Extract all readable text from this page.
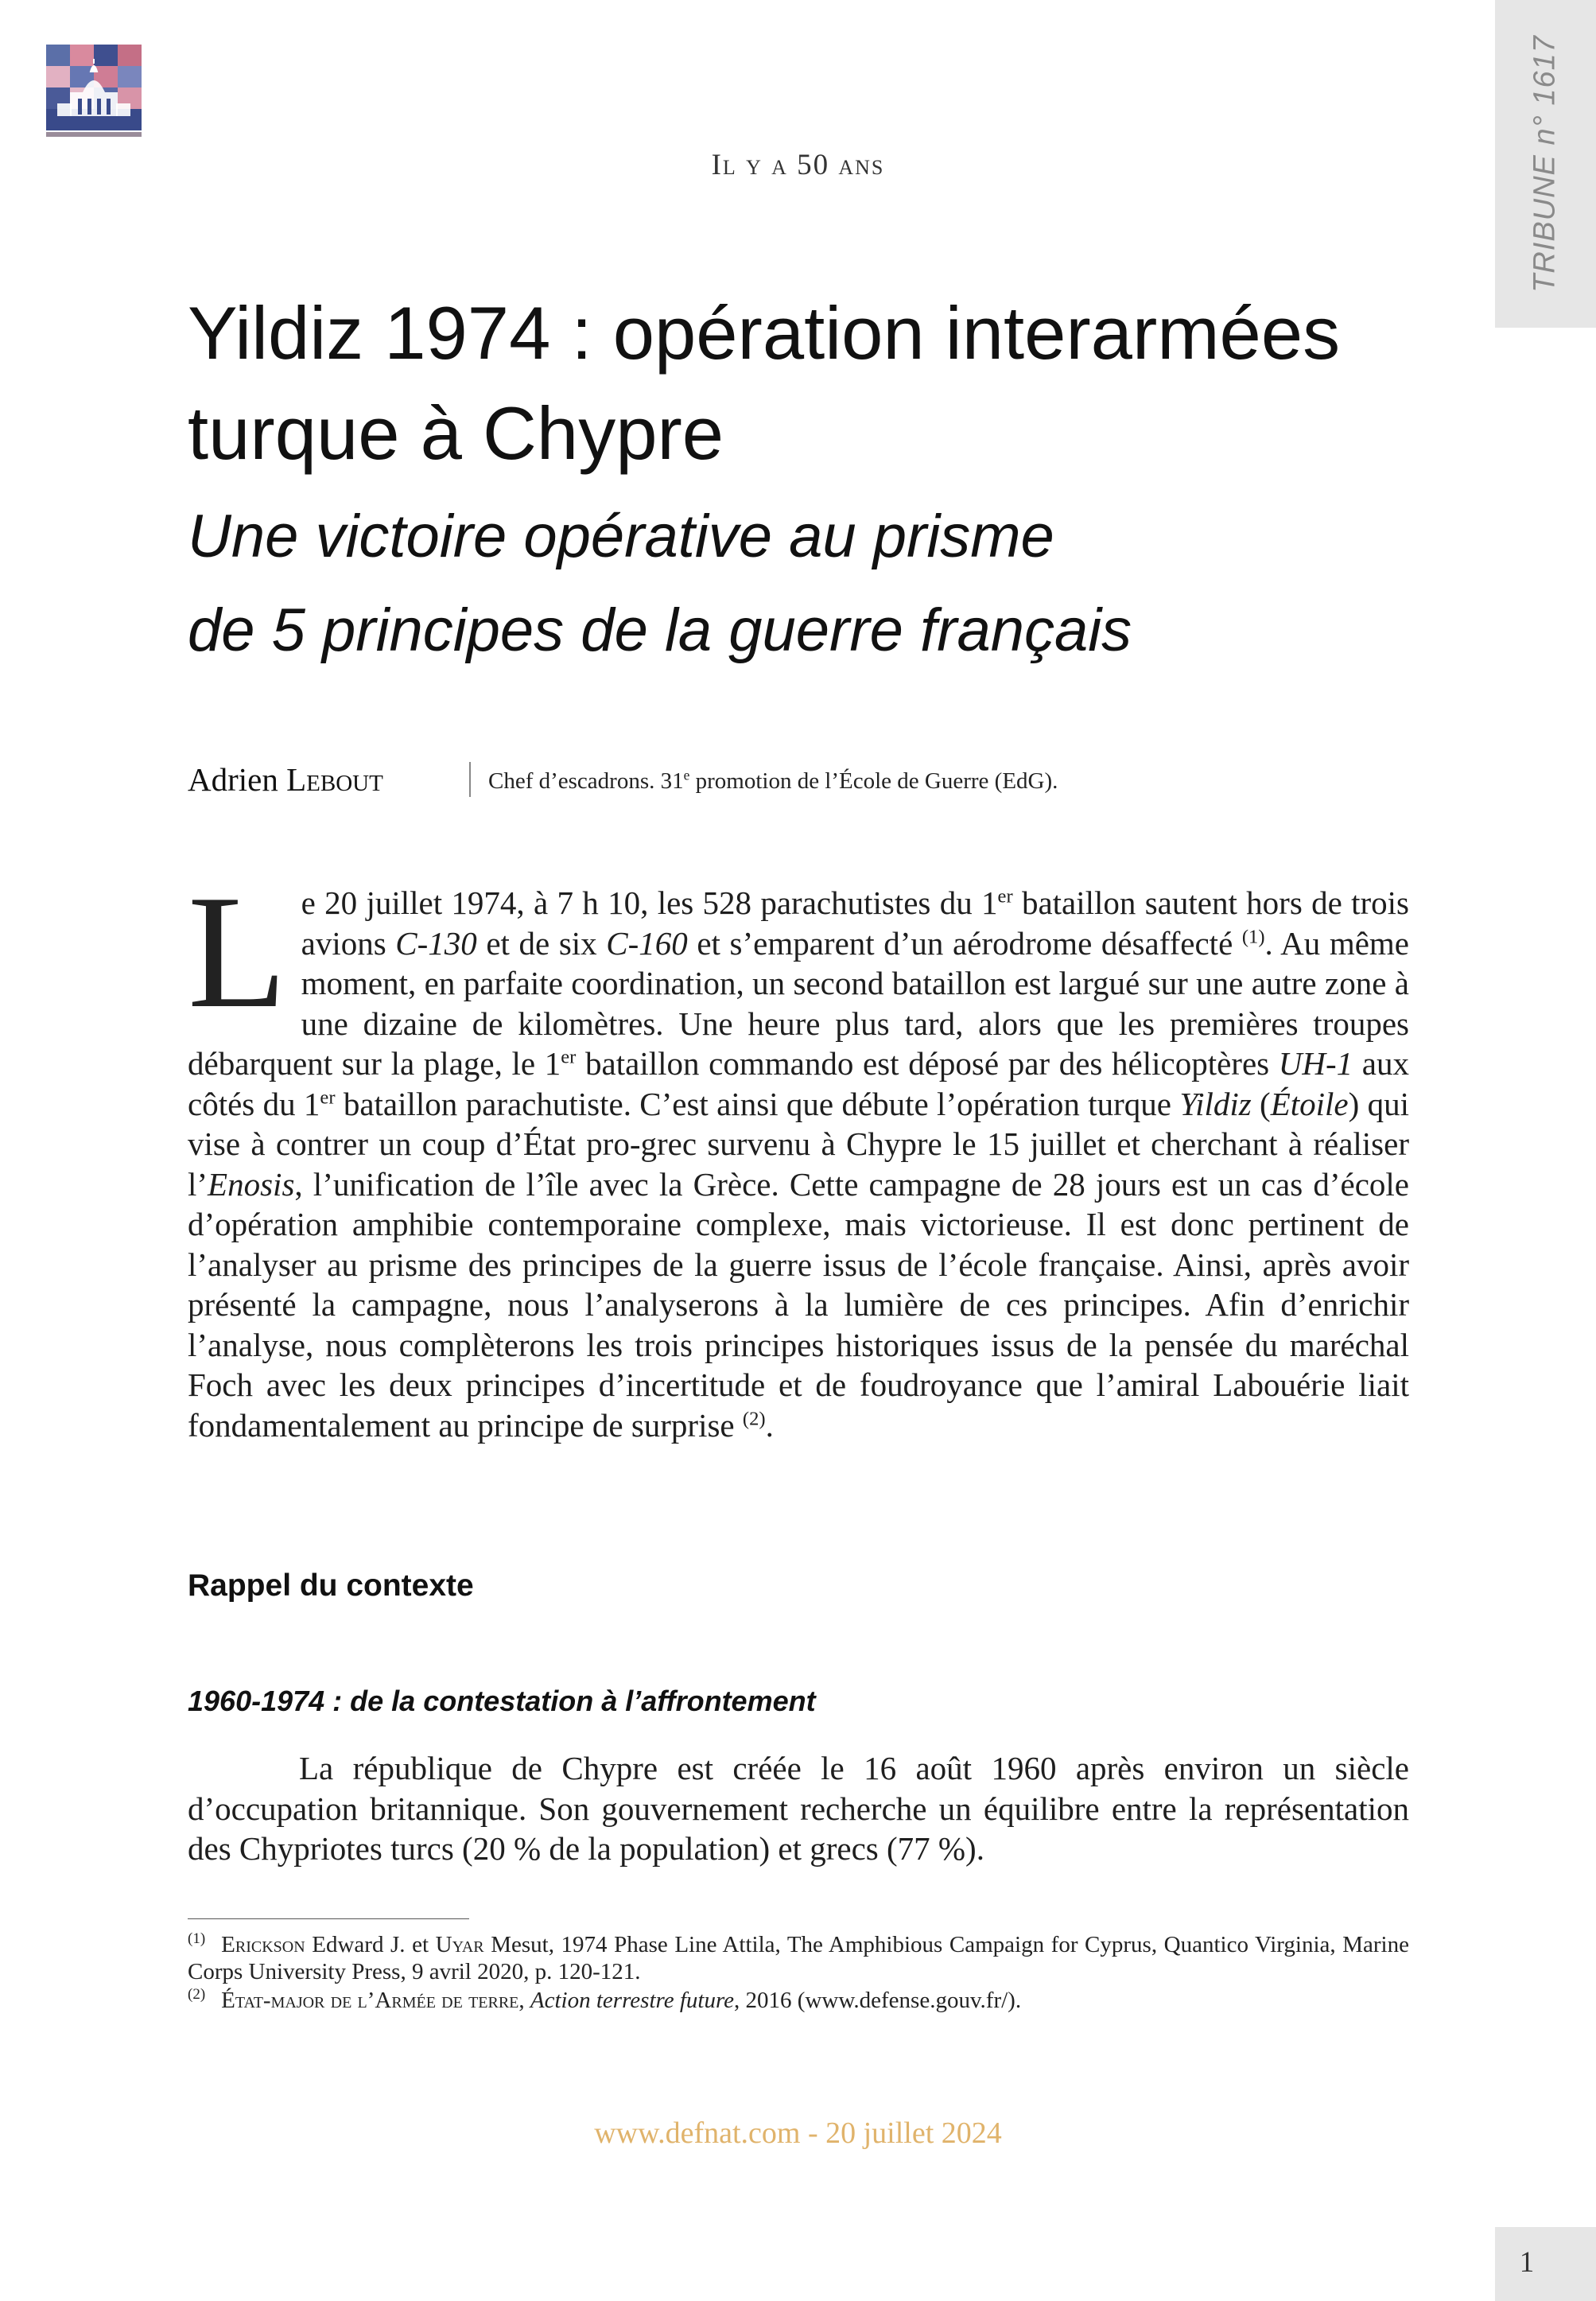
TRIBUNE n° 1617
Il y a 50 ans
Yildiz 1974 : opération interarmées
turque à Chypre
Une victoire opérative au prisme
de 5 principes de la guerre français
Adrien Lebout	Chef d’escadrons. 31e promotion de l’École de Guerre (EdG).

Le 20 juillet 1974, à 7 h 10, les 528 parachutistes du 1er bataillon sautent hors de trois avions C-130 et de six C-160 et s’emparent d’un aérodrome désaffecté $^{(1)}$. Au même moment, en parfaite coordination, un second bataillon est largué sur une autre zone à une dizaine de kilomètres. Une heure plus tard, alors que les premières troupes débarquent sur la plage, le 1er bataillon commando est déposé par des hélicoptères UH-1 aux côtés du 1er bataillon parachutiste. C’est ainsi que débute l’opération turque Yildiz (Étoile) qui vise à contrer un coup d’État pro-grec survenu à Chypre le 15 juillet et cherchant à réaliser l’Enosis, l’unification de l’île avec la Grèce. Cette campagne de 28 jours est un cas d’école d’opération amphibie contemporaine complexe, mais victorieuse. Il est donc pertinent de l’analyser au prisme des principes de la guerre issus de l’école française. Ainsi, après avoir présenté la campagne, nous l’analyserons à la lumière de ces principes. Afin d’enrichir l’analyse, nous complèterons les trois principes historiques issus de la pensée du maréchal Foch avec les deux principes d’incertitude et de foudroyance que l’amiral Labouérie liait fondamentalement au principe de surprise $^{(2)}$.

Rappel du contexte
1960-1974 : de la contestation à l’affrontement

La république de Chypre est créée le 16 août 1960 après environ un siècle d’occupation britannique. Son gouvernement recherche un équilibre entre la représentation des Chypriotes turcs (20 % de la population) et grecs (77 %).

$^{(1)}$ Erickson Edward J. et Uyar Mesut, 1974 Phase Line Attila, The Amphibious Campaign for Cyprus, Quantico Virginia, Marine Corps University Press, 9 avril 2020, p. 120-121.

$^{(2)}$ État-major de l’Armée de terre, Action terrestre future, 2016 (www.defense.gouv.fr/).

www.defnat.com - 20 juillet 2024
1
